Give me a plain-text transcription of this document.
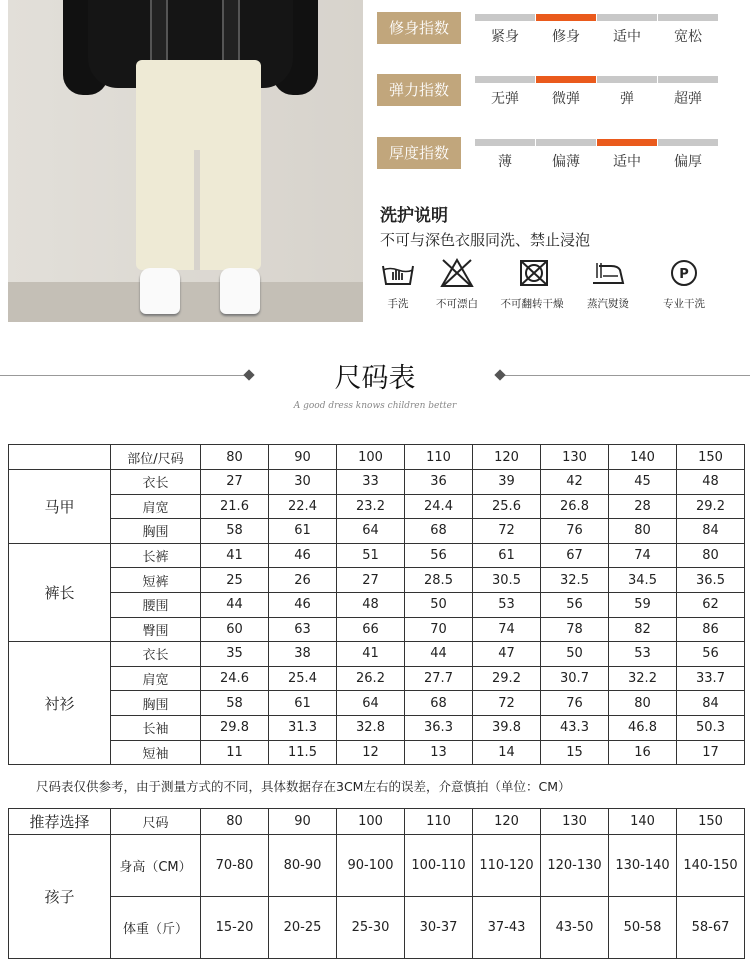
修身指数	紧身	修身	适中	宽松
弹力指数	无弹	微弹	弹	超弹
厚度指数	薄	偏薄	适中	偏厚
洗护说明
不可与深色衣服同洗、禁止浸泡
P
手洗	不可漂白	不可翻转干燥	蒸汽熨烫	专业干洗
尺码表
A good dress knows children better
	部位/尺码	80	90	100	110	120	130	140	150
马甲	衣长	27	30	33	36	39	42	45	48
	肩宽	21.6	22.4	23.2	24.4	25.6	26.8	28	29.2
	胸围	58	61	64	68	72	76	80	84
裤长	长裤	41	46	51	56	61	67	74	80
	短裤	25	26	27	28.5	30.5	32.5	34.5	36.5
	腰围	44	46	48	50	53	56	59	62
	臀围	60	63	66	70	74	78	82	86
衬衫	衣长	35	38	41	44	47	50	53	56
	肩宽	24.6	25.4	26.2	27.7	29.2	30.7	32.2	33.7
	胸围	58	61	64	68	72	76	80	84
	长袖	29.8	31.3	32.8	36.3	39.8	43.3	46.8	50.3
	短袖	11	11.5	12	13	14	15	16	17
尺码表仅供参考，由于测量方式的不同，具体数据存在3CM左右的误差，介意慎拍（单位：CM）
推荐选择	尺码	80	90	100	110	120	130	140	150
孩子	身高（CM）	70-80	80-90	90-100	100-110	110-120	120-130	130-140	140-150
	体重（斤）	15-20	20-25	25-30	30-37	37-43	43-50	50-58	58-67
